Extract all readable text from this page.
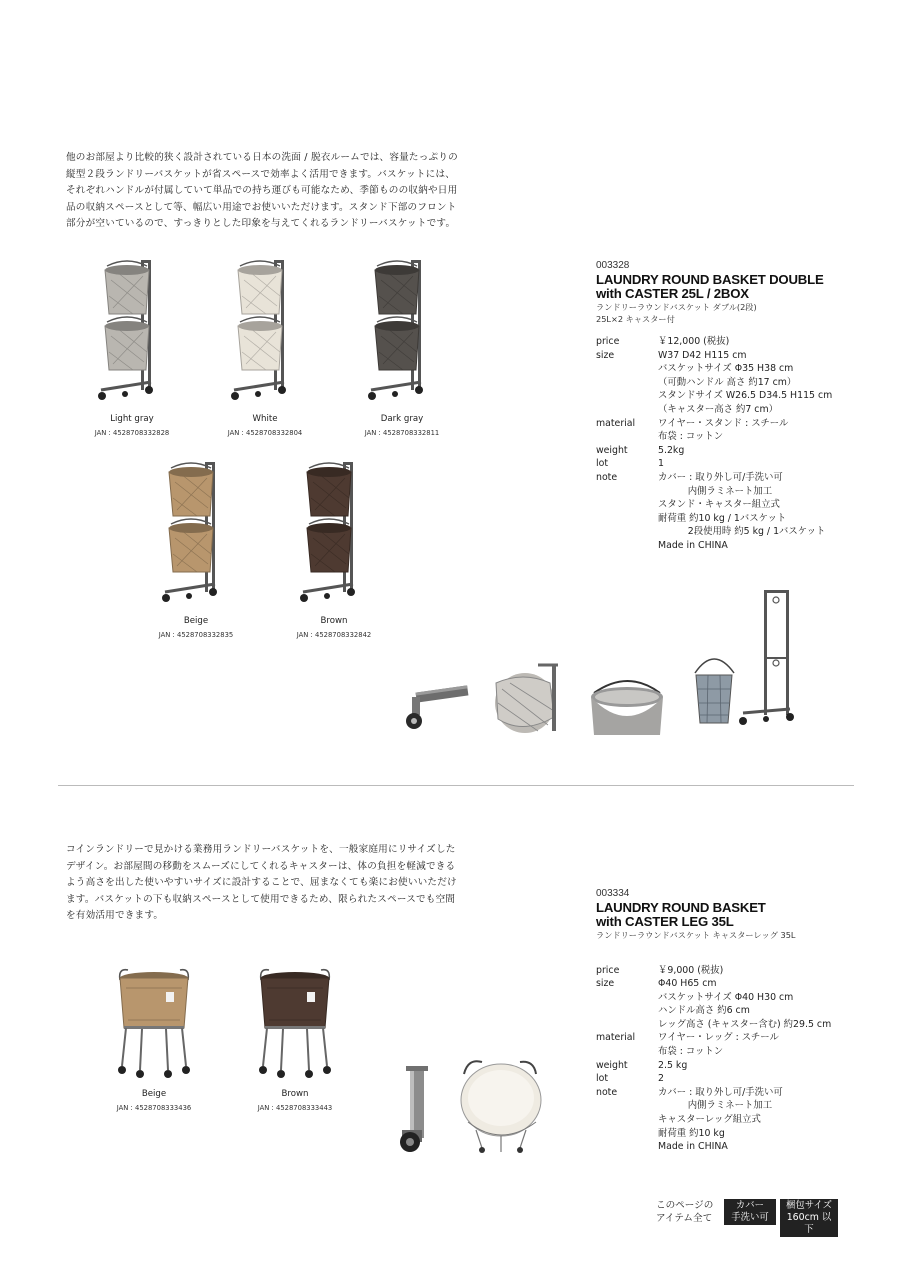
他のお部屋より比較的狭く設計されている日本の洗面 / 脱衣ルームでは、容量たっぷりの

縦型２段ランドリーバスケットが省スペースで効率よく活用できます。バスケットには、

それぞれハンドルが付属していて単品での持ち運びも可能なため、季節ものの収納や日用

品の収納スペースとして等、幅広い用途でお使いいただけます。スタンド下部のフロント

部分が空いているので、すっきりとした印象を与えてくれるランドリーバスケットです。

Light gray
JAN : 4528708332828
White
JAN : 4528708332804
Dark gray
JAN : 4528708332811
Beige
JAN : 4528708332835
Brown
JAN : 4528708332842
003328
LAUNDRY ROUND BASKET DOUBLE
with CASTER 25L / 2BOX
ランドリーラウンドバスケット ダブル(2段)
25L×2 キャスター付
price	￥12,000 (税抜)
size	W37 D42 H115 cm
バスケットサイズ Φ35 H38 cm
（可動ハンドル 高さ 約17 cm）
スタンドサイズ W26.5 D34.5 H115 cm
（キャスター高さ 約7 cm）
material	ワイヤー・スタンド : スチール
布袋 : コットン
weight	5.2kg
lot	1
note	カバー : 取り外し可/手洗い可
内側ラミネート加工
スタンド・キャスター組立式
耐荷重 約10 kg / 1バスケット
2段使用時 約5 kg / 1バスケット
Made in CHINA

コインランドリーで見かける業務用ランドリーバスケットを、一般家庭用にリサイズした

デザイン。お部屋間の移動をスムーズにしてくれるキャスターは、体の負担を軽減できる

よう高さを出した使いやすいサイズに設計することで、屈まなくても楽にお使いいただけ

ます。バスケットの下も収納スペースとして使用できるため、限られたスペースでも空間

を有効活用できます。

Beige
JAN : 4528708333436
Brown
JAN : 4528708333443
003334
LAUNDRY ROUND BASKET
with CASTER LEG 35L
ランドリーラウンドバスケット キャスターレッグ 35L
price	￥9,000 (税抜)
size	Φ40 H65 cm
バスケットサイズ Φ40 H30 cm
ハンドル高さ 約6 cm
レッグ高さ (キャスター含む) 約29.5 cm
material	ワイヤー・レッグ : スチール
布袋 : コットン
weight	2.5 kg
lot	2
note	カバー : 取り外し可/手洗い可
内側ラミネート加工
キャスターレッグ組立式
耐荷重 約10 kg
Made in CHINA
このページの
アイテム全て
カバー
手洗い可
梱包サイズ
160cm 以下
